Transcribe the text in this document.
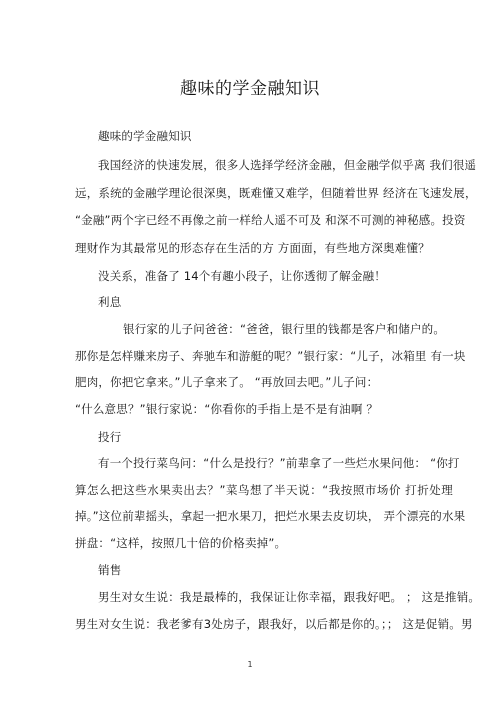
趣味的学金融知识
趣味的学金融知识
我国经济的快速发展，很多人选择学经济金融，但金融学似乎离 我们很遥
远，系统的金融学理论很深奥，既难懂又难学，但随着世界 经济在飞速发展，
“金融”两个字已经不再像之前一样给人遥不可及 和深不可测的神秘感。投资
理财作为其最常见的形态存在生活的方 方面面，有些地方深奥难懂？
没关系，准备了 14个有趣小段子，让你透彻了解金融！
利息
银行家的儿子问爸爸：“爸爸，银行里的钱都是客户和储户的。
那你是怎样赚来房子、奔驰车和游艇的呢？”银行家：“儿子，冰箱里 有一块
肥肉，你把它拿来。”儿子拿来了。 “再放回去吧。”儿子问：
“什么意思？”银行家说：“你看你的手指上是不是有油啊 ？
投行
有一个投行菜鸟问：“什么是投行？”前辈拿了一些烂水果问他： “你打
算怎么把这些水果卖出去？”菜鸟想了半天说：“我按照市场价 打折处理
掉。”这位前辈摇头，拿起一把水果刀，把烂水果去皮切块， 弄个漂亮的水果
拼盘：“这样，按照几十倍的价格卖掉”。
销售
男生对女生说：我是最棒的，我保证让你幸福，跟我好吧。 ； 这是推销。
男生对女生说：我老爹有3处房子，跟我好，以后都是你的。；； 这是促销。男
1
